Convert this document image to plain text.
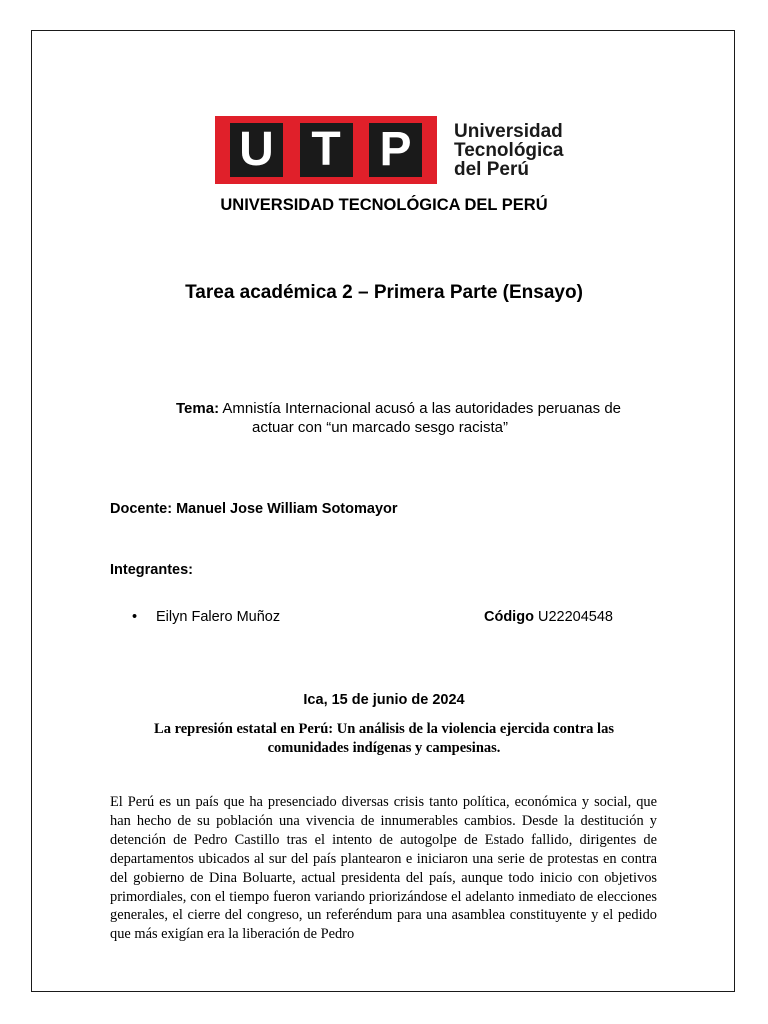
U T P	Universidad
Tecnológica
del Perú
UNIVERSIDAD TECNOLÓGICA DEL PERÚ
Tarea académica 2 – Primera Parte (Ensayo)
Tema: Amnistía Internacional acusó a las autoridades peruanas de
actuar con “un marcado sesgo racista”
Docente: Manuel Jose William Sotomayor
Integrantes:
• Eilyn Falero Muñoz	Código U22204548
Ica, 15 de junio de 2024
La represión estatal en Perú: Un análisis de la violencia ejercida contra las comunidades indígenas y campesinas.
El Perú es un país que ha presenciado diversas crisis tanto política, económica y social, que han hecho de su población una vivencia de innumerables cambios. Desde la destitución y detención de Pedro Castillo tras el intento de autogolpe de Estado fallido, dirigentes de departamentos ubicados al sur del país plantearon e iniciaron una serie de protestas en contra del gobierno de Dina Boluarte, actual presidenta del país, aunque todo inicio con objetivos primordiales, con el tiempo fueron variando priorizándose el adelanto inmediato de elecciones generales, el cierre del congreso, un referéndum para una asamblea constituyente y el pedido que más exigían era la liberación de Pedro
